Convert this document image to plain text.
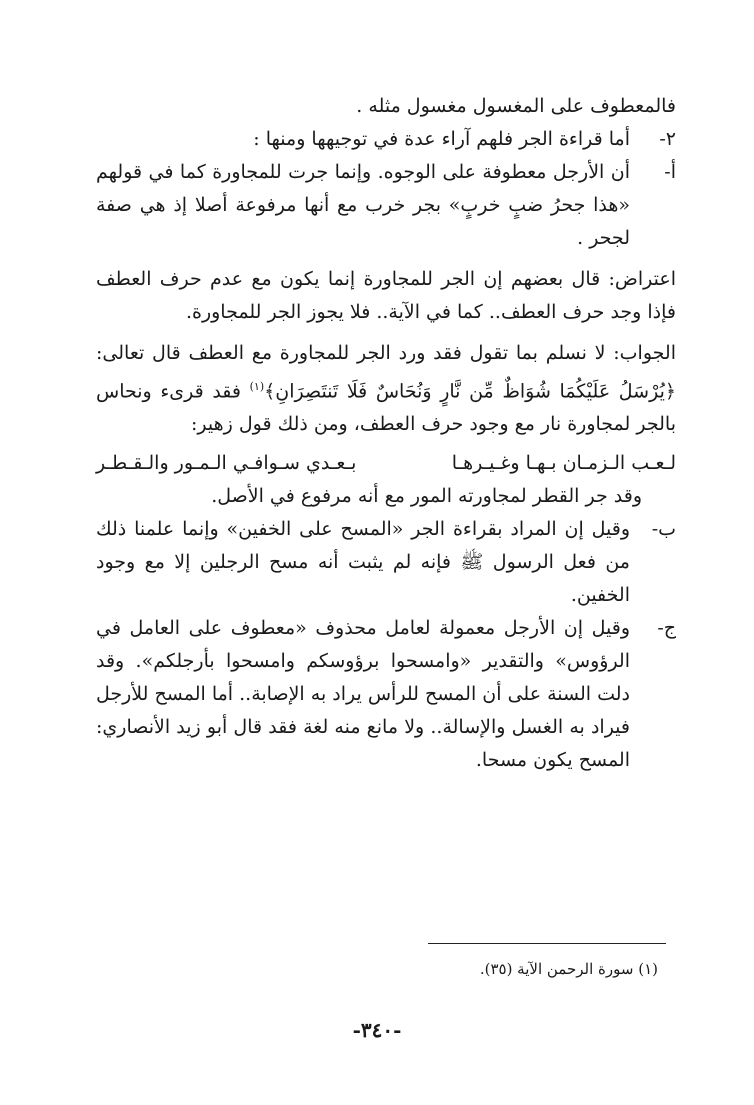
فالمعطوف على المغسول مغسول مثله .
٢-
أما قراءة الجر فلهم آراء عدة في توجيهها ومنها :
أ-
أن الأرجل معطوفة على الوجوه. وإنما جرت للمجاورة كما في قولهم «هذا جحرُ ضبٍ خربٍ» بجر خرب مع أنها مرفوعة أصلا إذ هي صفة لجحر .
اعتراض: قال بعضهم إن الجر للمجاورة إنما يكون مع عدم حرف العطف فإذا وجد حرف العطف.. كما في الآية.. فلا يجوز الجر للمجاورة.
الجواب: لا نسلم بما تقول فقد ورد الجر للمجاورة مع العطف قال تعالى: ﴿يُرْسَلُ عَلَيْكُمَا شُوَاظٌ مِّن نَّارٍ وَنُحَاسٌ فَلَا تَنتَصِرَانِ﴾$^{(١)}$ فقد قرىء ونحاس بالجر لمجاورة نار مع وجود حرف العطف، ومن ذلك قول زهير:
لـعـب الـزمـان بـهـا وغـيـرهـا
بـعـدي سـوافـي الـمـور والـقـطـر
وقد جر القطر لمجاورته المور مع أنه مرفوع في الأصل.
ب-
وقيل إن المراد بقراءة الجر «المسح على الخفين» وإنما علمنا ذلك من فعل الرسول ﷺ فإنه لم يثبت أنه مسح الرجلين إلا مع وجود الخفين.
ج-
وقيل إن الأرجل معمولة لعامل محذوف «معطوف على العامل في الرؤوس» والتقدير «وامسحوا برؤوسكم وامسحوا بأرجلكم». وقد دلت السنة على أن المسح للرأس يراد به الإصابة.. أما المسح للأرجل فيراد به الغسل والإسالة.. ولا مانع منه لغة فقد قال أبو زيد الأنصاري: المسح يكون مسحا.
(١) سورة الرحمن الآية (٣٥).
-٣٤٠-
